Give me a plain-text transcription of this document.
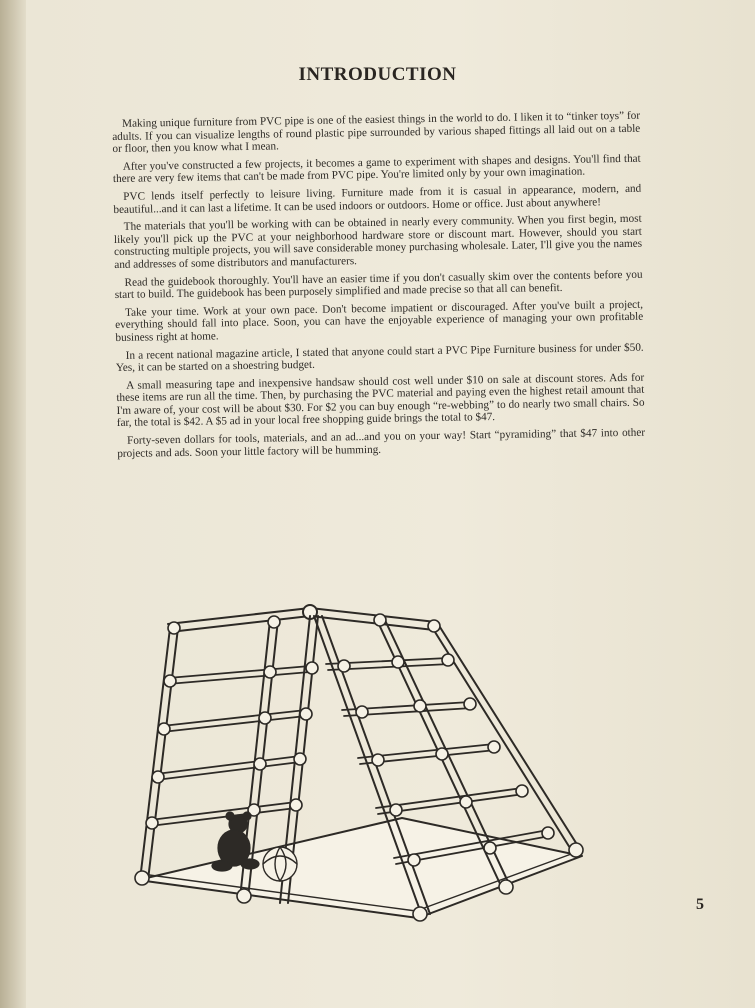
INTRODUCTION

Making unique furniture from PVC pipe is one of the easiest things in the world to do. I liken it to “tinker toys” for adults. If you can visualize lengths of round plastic pipe surrounded by various shaped fittings all laid out on a table or floor, then you know what I mean.

After you've constructed a few projects, it becomes a game to experiment with shapes and designs. You'll find that there are very few items that can't be made from PVC pipe. You're limited only by your own imagination.

PVC lends itself perfectly to leisure living. Furniture made from it is casual in appearance, modern, and beautiful...and it can last a lifetime. It can be used indoors or outdoors. Home or office. Just about anywhere!

The materials that you'll be working with can be obtained in nearly every community. When you first begin, most likely you'll pick up the PVC at your neighborhood hardware store or discount mart. However, should you start constructing multiple projects, you will save considerable money purchasing wholesale. Later, I'll give you the names and addresses of some distributors and manufacturers.

Read the guidebook thoroughly. You'll have an easier time if you don't casually skim over the contents before you start to build. The guidebook has been purposely simplified and made precise so that all can benefit.

Take your time. Work at your own pace. Don't become impatient or discouraged. After you've built a project, everything should fall into place. Soon, you can have the enjoyable experience of managing your own profitable business right at home.

In a recent national magazine article, I stated that anyone could start a PVC Pipe Furniture business for under $50. Yes, it can be started on a shoestring budget.

A small measuring tape and inexpensive handsaw should cost well under $10 on sale at discount stores. Ads for these items are run all the time. Then, by purchasing the PVC material and paying even the highest retail amount that I'm aware of, your cost will be about $30. For $2 you can buy enough “re-webbing” to do nearly two small chairs. So far, the total is $42. A $5 ad in your local free shopping guide brings the total to $47.

Forty-seven dollars for tools, materials, and an ad...and you on your way! Start “pyramiding” that $47 into other projects and ads. Soon your little factory will be humming.

5
